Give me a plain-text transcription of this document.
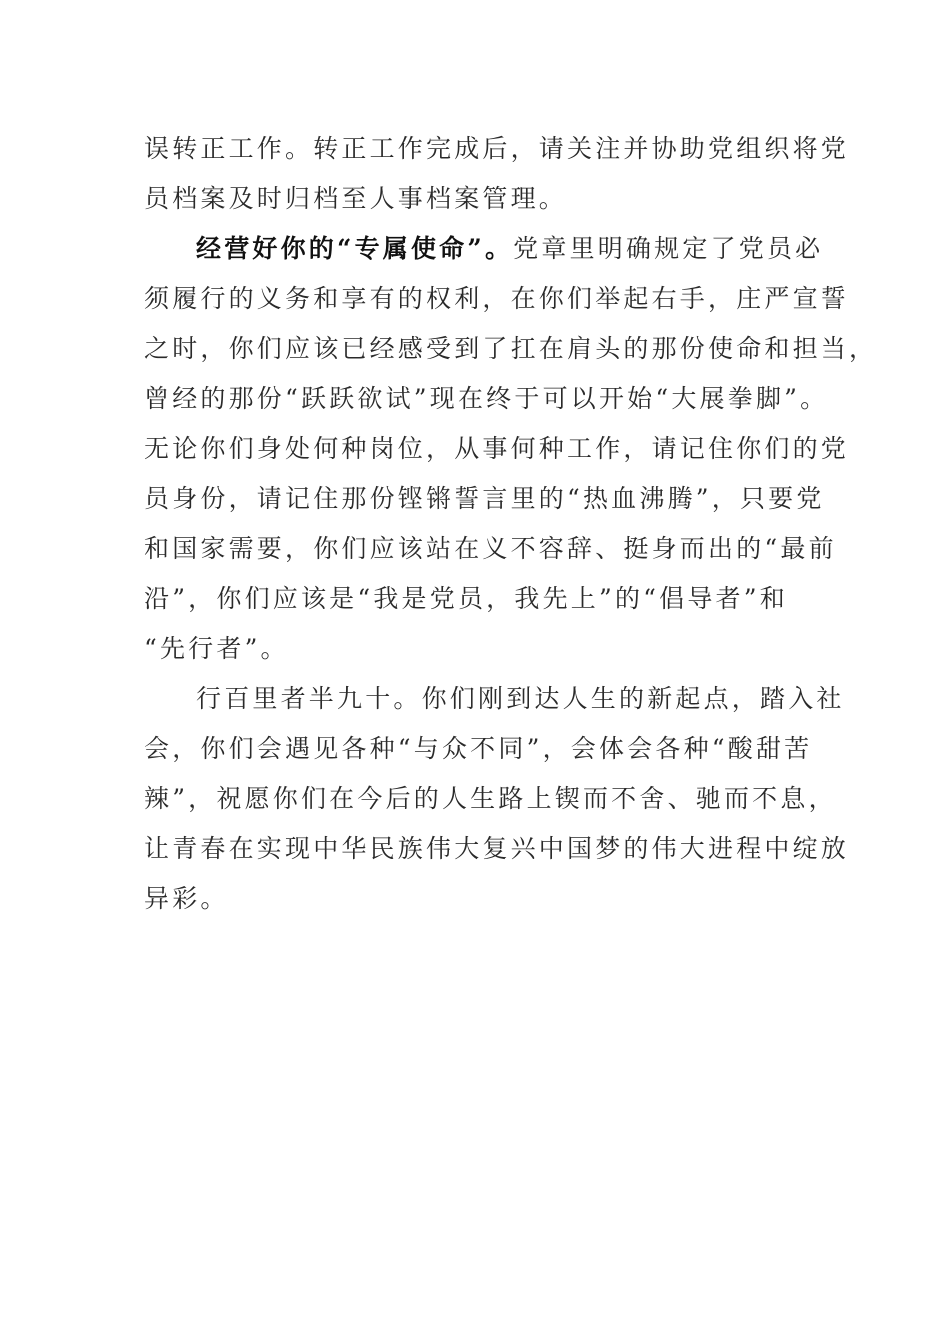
误转正工作。转正工作完成后，请关注并协助党组织将党
员档案及时归档至人事档案管理。
经营好你的“专属使命”。党章里明确规定了党员必
须履行的义务和享有的权利，在你们举起右手，庄严宣誓
之时，你们应该已经感受到了扛在肩头的那份使命和担当，
曾经的那份“跃跃欲试”现在终于可以开始“大展拳脚”。
无论你们身处何种岗位，从事何种工作，请记住你们的党
员身份，请记住那份铿锵誓言里的“热血沸腾”，只要党
和国家需要，你们应该站在义不容辞、挺身而出的“最前
沿”，你们应该是“我是党员，我先上”的“倡导者”和
“先行者”。
行百里者半九十。你们刚到达人生的新起点，踏入社
会，你们会遇见各种“与众不同”，会体会各种“酸甜苦
辣”，祝愿你们在今后的人生路上锲而不舍、驰而不息，
让青春在实现中华民族伟大复兴中国梦的伟大进程中绽放
异彩。
